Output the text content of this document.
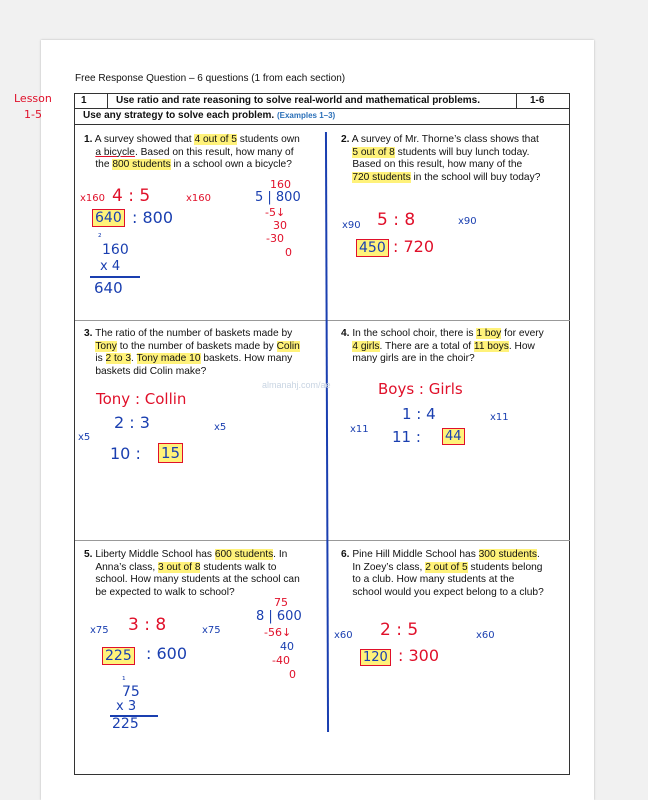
Free Response Question – 6 questions (1 from each section)
Lesson
1-5
1	Use ratio and rate reasoning to solve real-world and mathematical problems.	1-6
Use any strategy to solve each problem. (Examples 1–3)
almanahj.com/ae
1. A survey showed that 4 out of 5 students own
a bicycle. Based on this result, how many of
the 800 students in a school own a bicycle?
2. A survey of Mr. Thorne’s class shows that
5 out of 8 students will buy lunch today.
Based on this result, how many of the
720 students in the school will buy today?
3. The ratio of the number of baskets made by
Tony to the number of baskets made by Colin
is 2 to 3. Tony made 10 baskets. How many
baskets did Colin make?
4. In the school choir, there is 1 boy for every
4 girls. There are a total of 11 boys. How
many girls are in the choir?
5. Liberty Middle School has 600 students. In
Anna’s class, 3 out of 8 students walk to
school. How many students at the school can
be expected to walk to school?
6. Pine Hill Middle School has 300 students.
In Zoey’s class, 2 out of 5 students belong
to a club. How many students at the
school would you expect belong to a club?
x160 4 : 5	x160
640 : 800
160
5 | 800
-5↓
30
-30
0
²
160
x 4
640
x90 5 : 8	x90
450 : 720
Tony : Collin
2 : 3
x5
x5
10 : 15
Boys : Girls
1 : 4
x11
x11
11 : 44
x75 3 : 8	x75
225 : 600
75
8 | 600
-56↓
40
-40
0
¹
75
x 3
225
x60 2 : 5	x60
120 : 300
